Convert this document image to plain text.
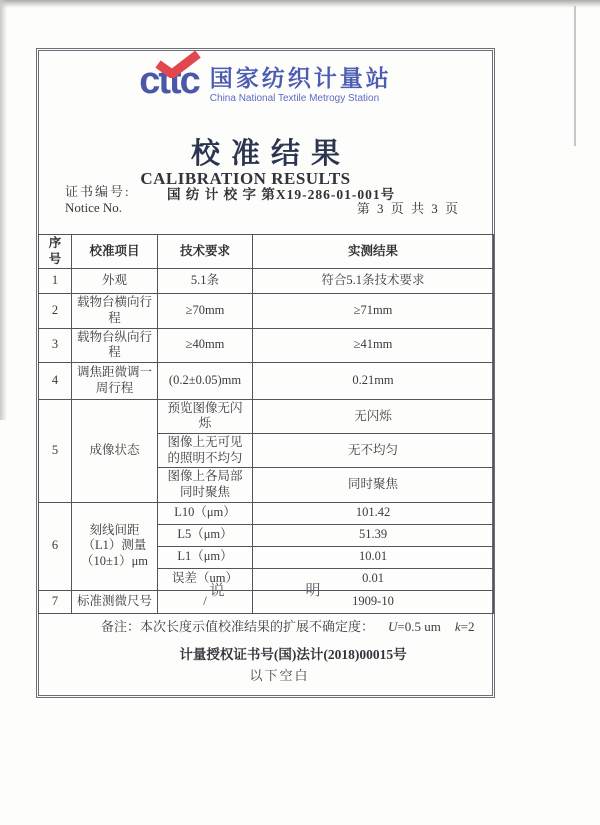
cttc 国家纺织计量站
China National Textile Metrogy Station
校准结果
CALIBRATION RESULTS
证书编号:
Notice No.
国 纺 计 校 字 第X19-286-01-001号
第 3 页 共 3 页
序号	校准项目	技术要求	实测结果
1	外观	5.1条	符合5.1条技术要求
2	载物台横向行程	≥70mm	≥71mm
3	载物台纵向行程	≥40mm	≥41mm
4	调焦距微调一周行程	(0.2±0.05)mm	0.21mm
5	成像状态	预览图像无闪烁	无闪烁
		图像上无可见的照明不均匀	无不均匀
		图像上各局部同时聚焦	同时聚焦
6	刻线间距（L1）测量（10±1）μm	L10（μm）	101.42
		L5（μm）	51.39
		L1（μm）	10.01
		误差（um）	0.01
7	标准测微尺号	/	1909-10
说　　　　　明
备注：本次长度示值校准结果的扩展不确定度： U=0.5 um k=2
计量授权证书号(国)法计(2018)00015号
以下空白
